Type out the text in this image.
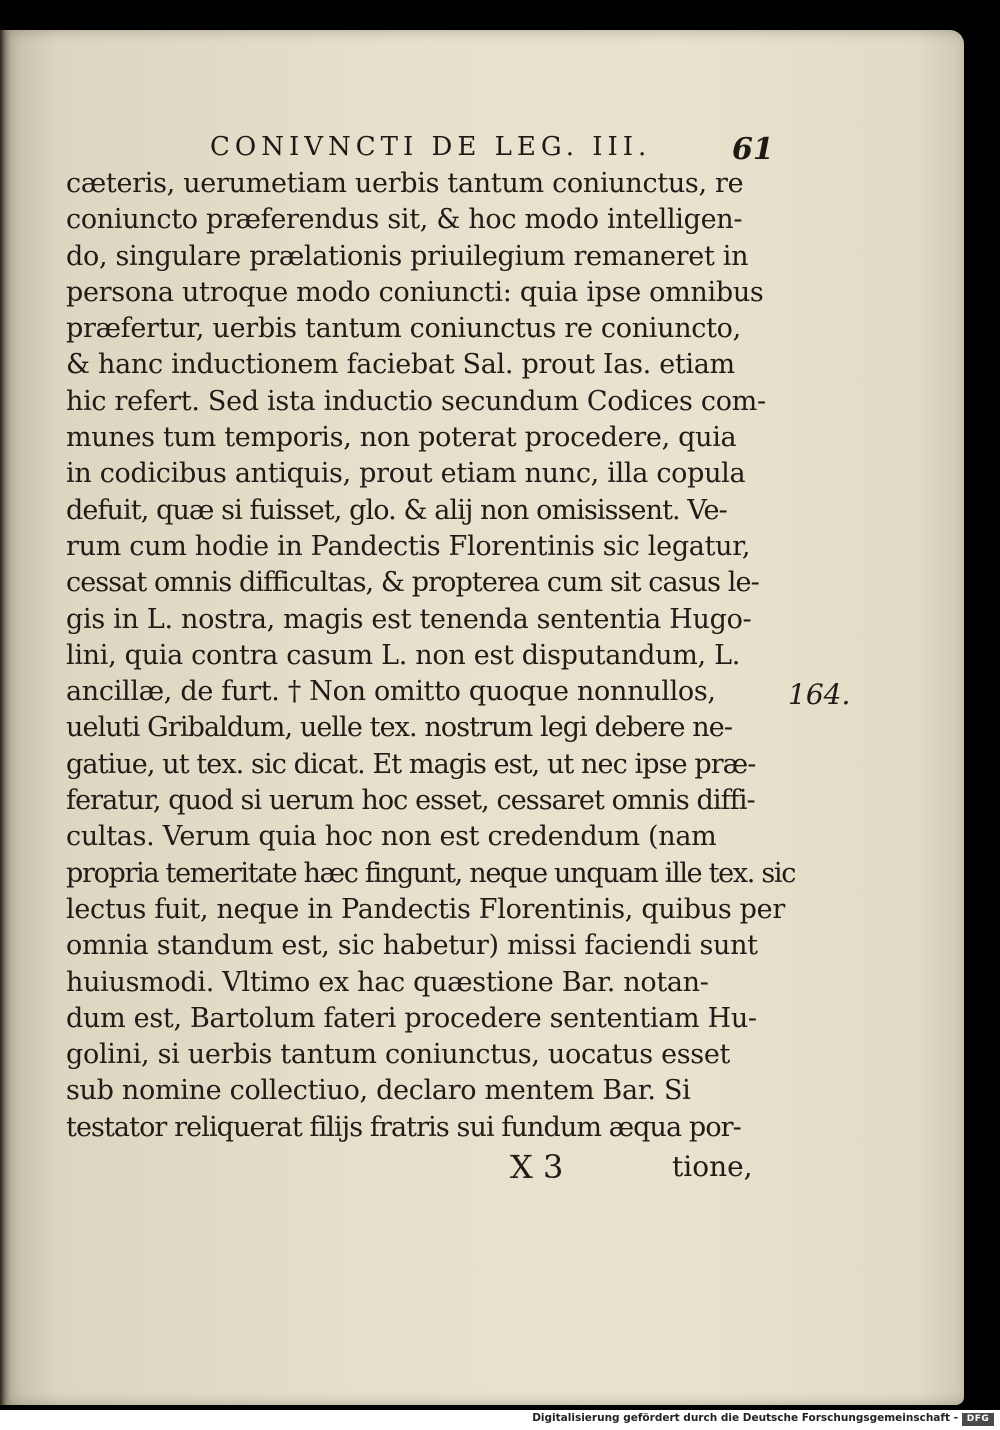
CONIVNCTI DE LEG. III.	61
cæteris, uerumetiam uerbis tantum coniunctus, re
coniuncto præferendus sit, & hoc modo intelligen-
do, singulare prælationis priuilegium remaneret in
persona utroque modo coniuncti: quia ipse omnibus
præfertur, uerbis tantum coniunctus re coniuncto,
& hanc inductionem faciebat Sal. prout Ias. etiam
hic refert. Sed ista inductio secundum Codices com-
munes tum temporis, non poterat procedere, quia
in codicibus antiquis, prout etiam nunc, illa copula
defuit, quæ si fuisset, glo. & alij non omisissent. Ve-
rum cum hodie in Pandectis Florentinis sic legatur,
cessat omnis difficultas, & propterea cum sit casus le-
gis in L. nostra, magis est tenenda sententia Hugo-
lini, quia contra casum L. non est disputandum, L.
ancillæ, de furt. † Non omitto quoque nonnullos,
ueluti Gribaldum, uelle tex. nostrum legi debere ne-
gatiue, ut tex. sic dicat. Et magis est, ut nec ipse præ-
feratur, quod si uerum hoc esset, cessaret omnis diffi-
cultas. Verum quia hoc non est credendum (nam
propria temeritate hæc fingunt, neque unquam ille tex. sic
lectus fuit, neque in Pandectis Florentinis, quibus per
omnia standum est, sic habetur) missi faciendi sunt
huiusmodi. Vltimo ex hac quæstione Bar. notan-
dum est, Bartolum fateri procedere sententiam Hu-
golini, si uerbis tantum coniunctus, uocatus esset
sub nomine collectiuo, declaro mentem Bar. Si
testator reliquerat filijs fratris sui fundum æqua por-
164.
X 3	tione,
Digitalisierung gefördert durch die Deutsche Forschungsgemeinschaft - DFG
